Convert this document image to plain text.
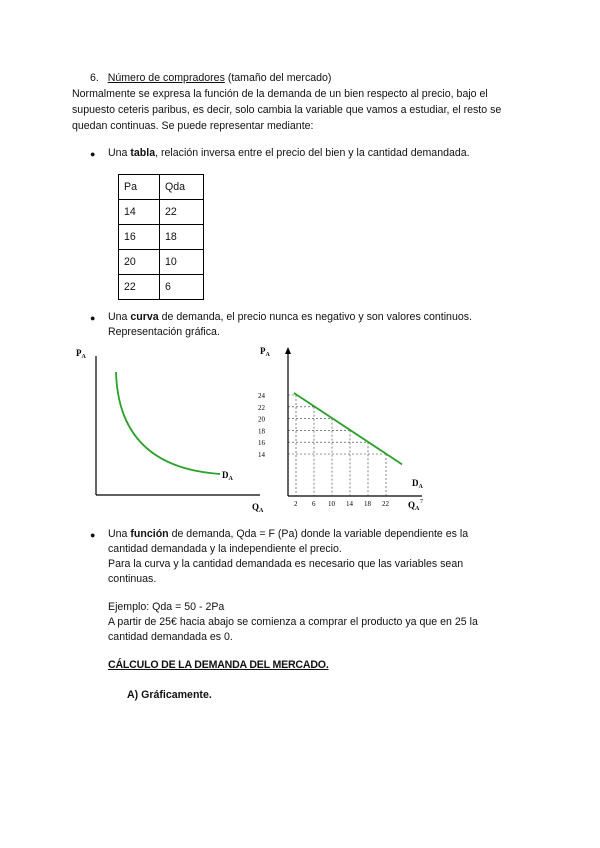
6. Número de compradores (tamaño del mercado)
Normalmente se expresa la función de la demanda de un bien respecto al precio, bajo el
supuesto ceteris paribus, es decir, solo cambia la variable que vamos a estudiar, el resto se
quedan continuas. Se puede representar mediante:
● Una tabla, relación inversa entre el precio del bien y la cantidad demandada.
Pa	Qda
14	22
16	18
20	10
22	6
● Una curva de demanda, el precio nunca es negativo y son valores continuos.
Representación gráfica.
$P_A$
$D_A$
$Q_A$
$P_A$
24
22
20
18
16
14
2 6 10 14 18 22
$D_A$
$Q_A$
7
● Una función de demanda, Qda = F (Pa) donde la variable dependiente es la
cantidad demandada y la independiente el precio.
Para la curva y la cantidad demandada es necesario que las variables sean
continuas.
Ejemplo: Qda = 50 - 2Pa
A partir de 25€ hacia abajo se comienza a comprar el producto ya que en 25 la
cantidad demandada es 0.
CÁLCULO DE LA DEMANDA DEL MERCADO.
A) Gráficamente.
